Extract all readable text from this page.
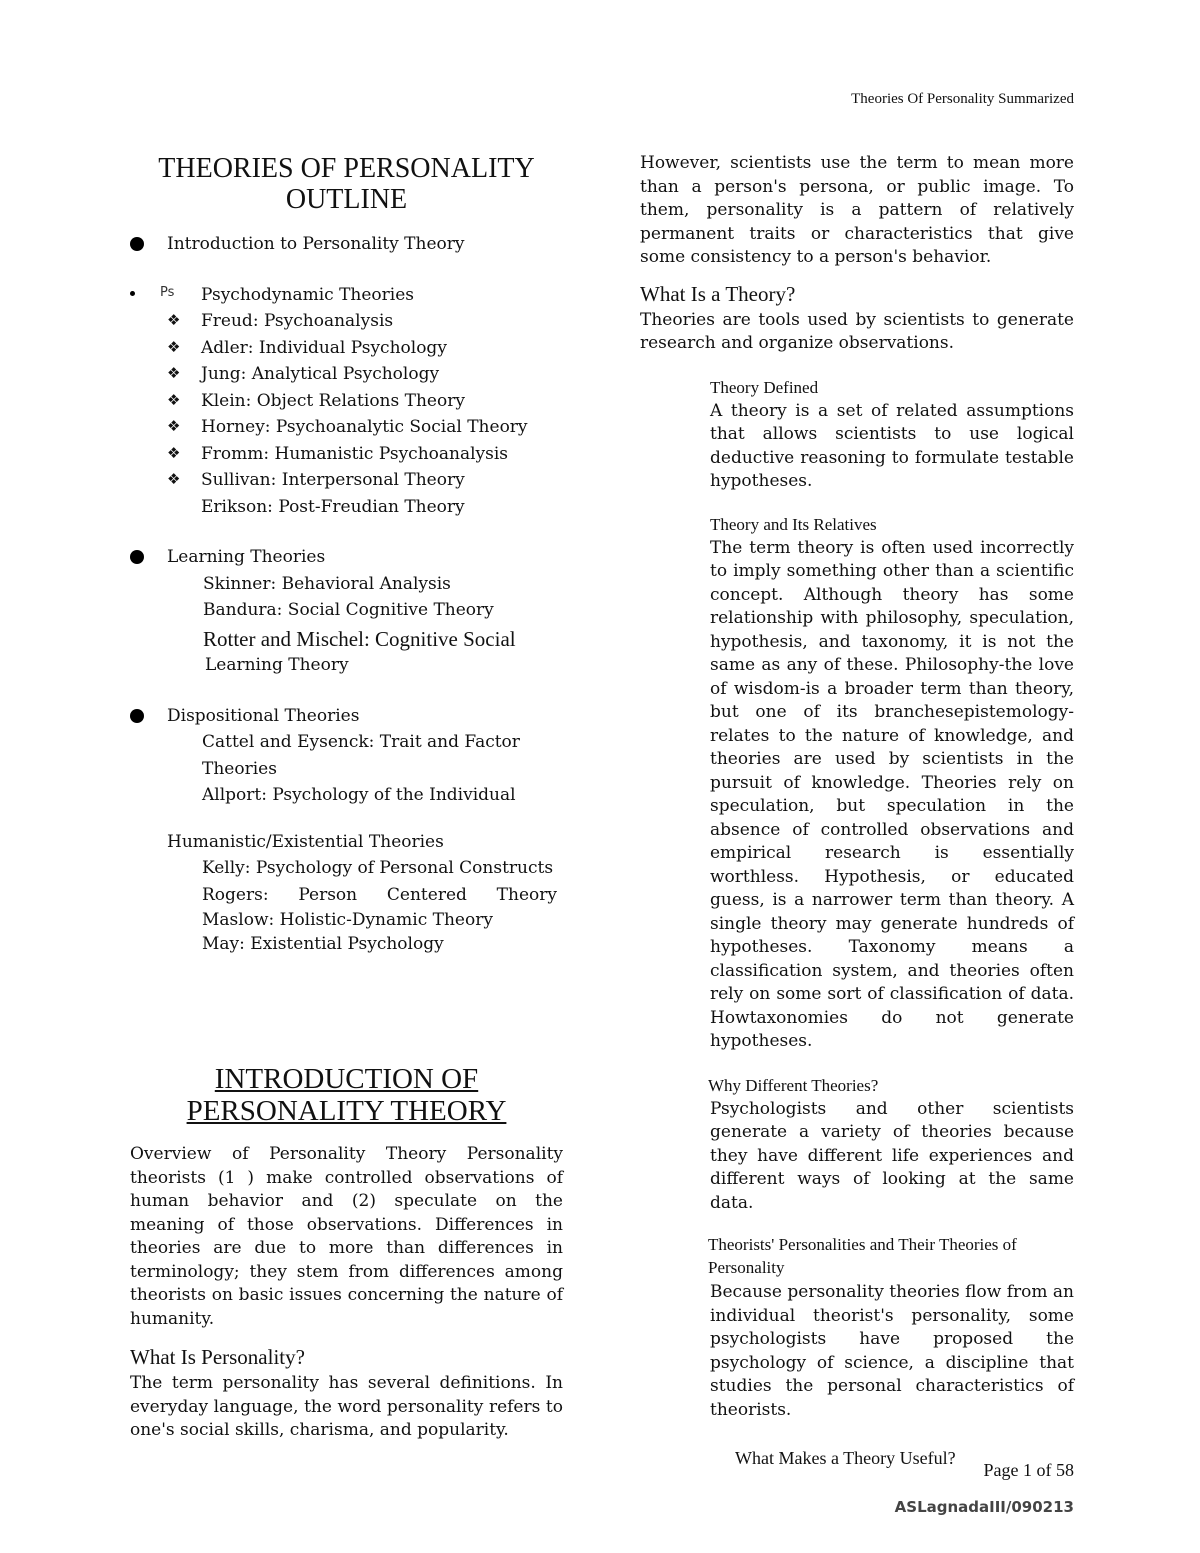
Theories Of Personality Summarized
THEORIES OF PERSONALITY
OUTLINE
Introduction to Personality Theory
Ps Psychodynamic Theories
❖ Freud: Psychoanalysis
❖ Adler: Individual Psychology
❖ Jung: Analytical Psychology
❖ Klein: Object Relations Theory
❖ Horney: Psychoanalytic Social Theory
❖ Fromm: Humanistic Psychoanalysis
❖ Sullivan: Interpersonal Theory
Erikson: Post-Freudian Theory
Learning Theories
Skinner: Behavioral Analysis
Bandura: Social Cognitive Theory
Rotter and Mischel: Cognitive Social
Learning Theory
Dispositional Theories
Cattel and Eysenck: Trait and Factor
Theories
Allport: Psychology of the Individual
Humanistic/Existential Theories
Kelly: Psychology of Personal Constructs
Rogers: Person Centered Theory
Maslow: Holistic-Dynamic Theory
May: Existential Psychology
INTRODUCTION OF
PERSONALITY THEORY
Overview of Personality Theory Personality theorists (1 ) make controlled observations of human behavior and (2) speculate on the meaning of those observations. Differences in theories are due to more than differences in terminology; they stem from differences among theorists on basic issues concerning the nature of humanity.
What Is Personality?
The term personality has several definitions. In everyday language, the word personality refers to one's social skills, charisma, and popularity.
However, scientists use the term to mean more than a person's persona, or public image. To them, personality is a pattern of relatively permanent traits or characteristics that give some consistency to a person's behavior.
What Is a Theory?
Theories are tools used by scientists to generate research and organize observations.
Theory Defined
A theory is a set of related assumptions that allows scientists to use logical deductive reasoning to formulate testable hypotheses.
Theory and Its Relatives
The term theory is often used incorrectly to imply something other than a scientific concept. Although theory has some relationship with philosophy, speculation, hypothesis, and taxonomy, it is not the same as any of these. Philosophy-the love of wisdom-is a broader term than theory, but one of its branchesepistemology-relates to the nature of knowledge, and theories are used by scientists in the pursuit of knowledge. Theories rely on speculation, but speculation in the absence of controlled observations and empirical research is essentially worthless. Hypothesis, or educated guess, is a narrower term than theory. A single theory may generate hundreds of hypotheses. Taxonomy means a classification system, and theories often rely on some sort of classification of data. Howtaxonomies do not generate hypotheses.
Why Different Theories?
Psychologists and other scientists generate a variety of theories because they have different life experiences and different ways of looking at the same data.
Theorists' Personalities and Their Theories of Personality
Because personality theories flow from an individual theorist's personality, some psychologists have proposed the psychology of science, a discipline that studies the personal characteristics of theorists.
What Makes a Theory Useful?
Page 1 of 58
ASLagnadaIII/090213
